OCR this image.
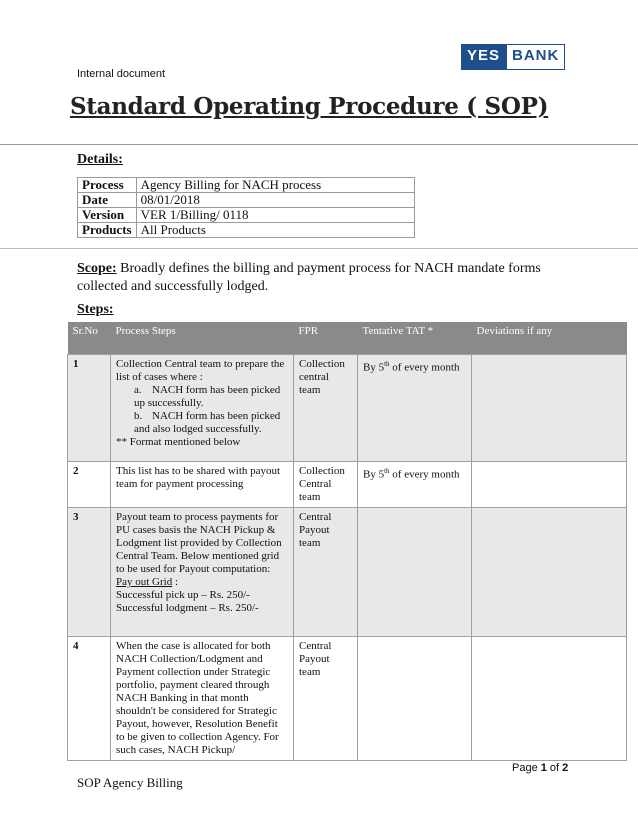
Internal document
YES BANK
Standard Operating Procedure ( SOP)
Details:
Process	Agency Billing for NACH process
Date	08/01/2018
Version	VER 1/Billing/ 0118
Products	All Products
Scope: Broadly defines the billing and payment process for NACH mandate forms collected and successfully lodged.
Steps:
Sr.No	Process Steps	FPR	Tentative TAT *	Deviations if any
1	Collection Central team to prepare the list of cases where :
a. NACH form has been picked up successfully.
b. NACH form has been picked and also lodged successfully.
** Format mentioned below	Collection central team	By 5th of every month	
2	This list has to be shared with payout team for payment processing	Collection Central team	By 5th of every month	
3	Payout team to process payments for PU cases basis the NACH Pickup & Lodgment list provided by Collection Central Team. Below mentioned grid to be used for Payout computation:
Pay out Grid :
Successful pick up – Rs. 250/-
Successful lodgment – Rs. 250/-	Central Payout team		
4	When the case is allocated for both NACH Collection/Lodgment and Payment collection under Strategic portfolio, payment cleared through NACH Banking in that month shouldn't be considered for Strategic Payout, however, Resolution Benefit to be given to collection Agency. For such cases, NACH Pickup/	Central Payout team		
Page 1 of 2
SOP Agency Billing
